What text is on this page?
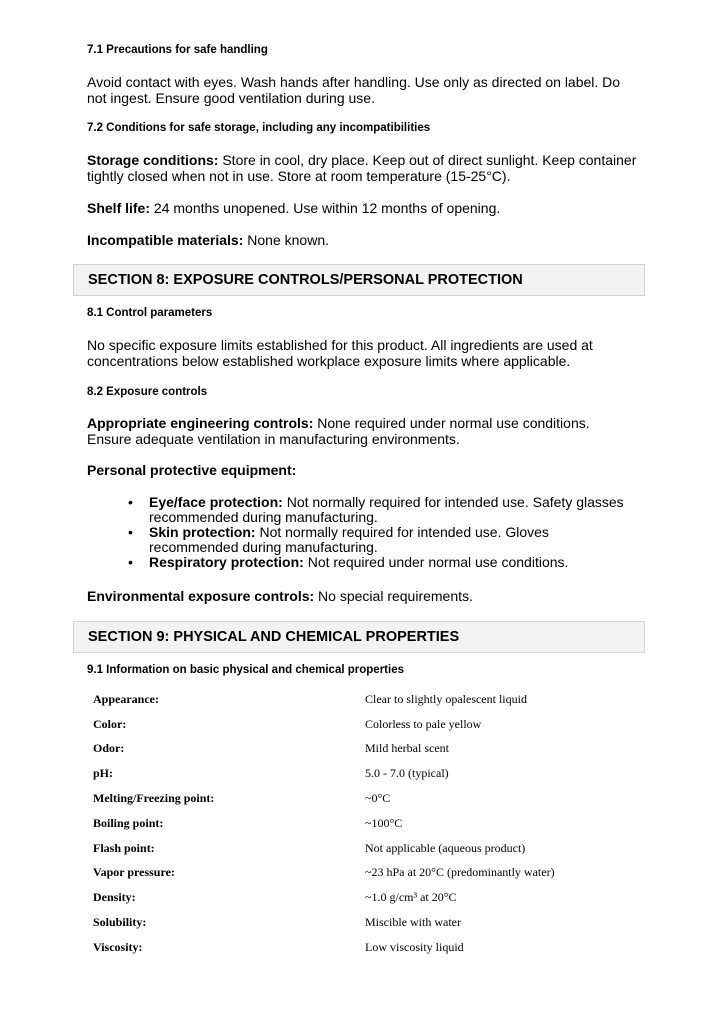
7.1 Precautions for safe handling
Avoid contact with eyes. Wash hands after handling. Use only as directed on label. Do not ingest. Ensure good ventilation during use.
7.2 Conditions for safe storage, including any incompatibilities
Storage conditions: Store in cool, dry place. Keep out of direct sunlight. Keep container tightly closed when not in use. Store at room temperature (15-25°C).
Shelf life: 24 months unopened. Use within 12 months of opening.
Incompatible materials: None known.
SECTION 8: EXPOSURE CONTROLS/PERSONAL PROTECTION
8.1 Control parameters
No specific exposure limits established for this product. All ingredients are used at concentrations below established workplace exposure limits where applicable.
8.2 Exposure controls
Appropriate engineering controls: None required under normal use conditions. Ensure adequate ventilation in manufacturing environments.
Personal protective equipment:
• Eye/face protection: Not normally required for intended use. Safety glasses recommended during manufacturing.
• Skin protection: Not normally required for intended use. Gloves recommended during manufacturing.
• Respiratory protection: Not required under normal use conditions.
Environmental exposure controls: No special requirements.
SECTION 9: PHYSICAL AND CHEMICAL PROPERTIES
9.1 Information on basic physical and chemical properties
Appearance:	Clear to slightly opalescent liquid
Color:	Colorless to pale yellow
Odor:	Mild herbal scent
pH:	5.0 - 7.0 (typical)
Melting/Freezing point:	~0°C
Boiling point:	~100°C
Flash point:	Not applicable (aqueous product)
Vapor pressure:	~23 hPa at 20°C (predominantly water)
Density:	~1.0 g/cm³ at 20°C
Solubility:	Miscible with water
Viscosity:	Low viscosity liquid
